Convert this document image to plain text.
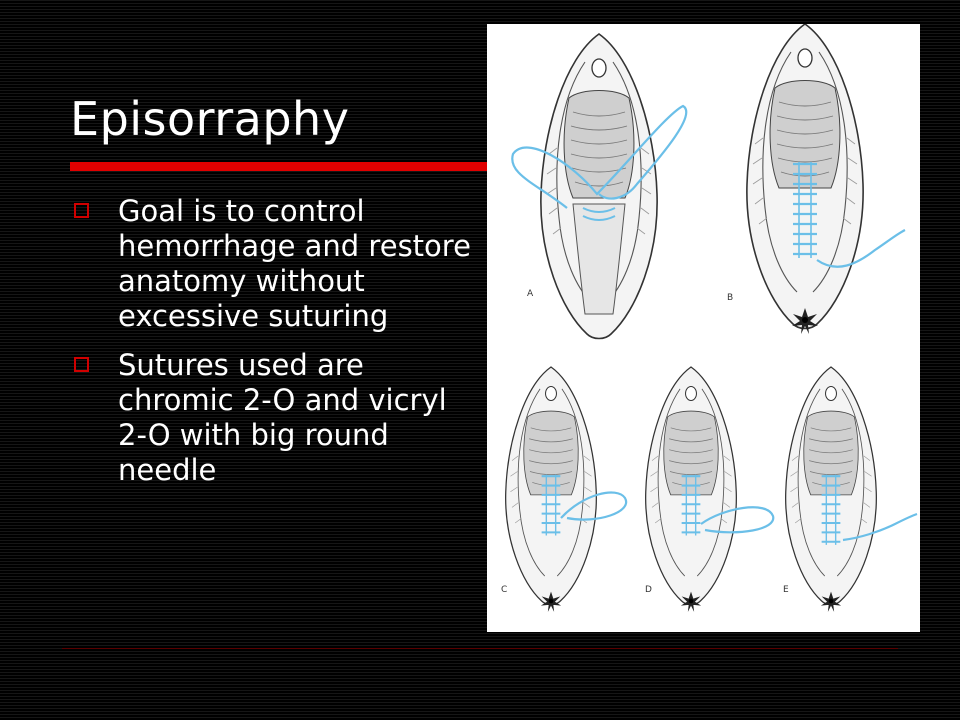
Episorraphy
Goal is to control hemorrhage and restore anatomy without excessive suturing
Sutures used are chromic 2-O and vicryl 2-O with big round needle
A	B
C	D	E
